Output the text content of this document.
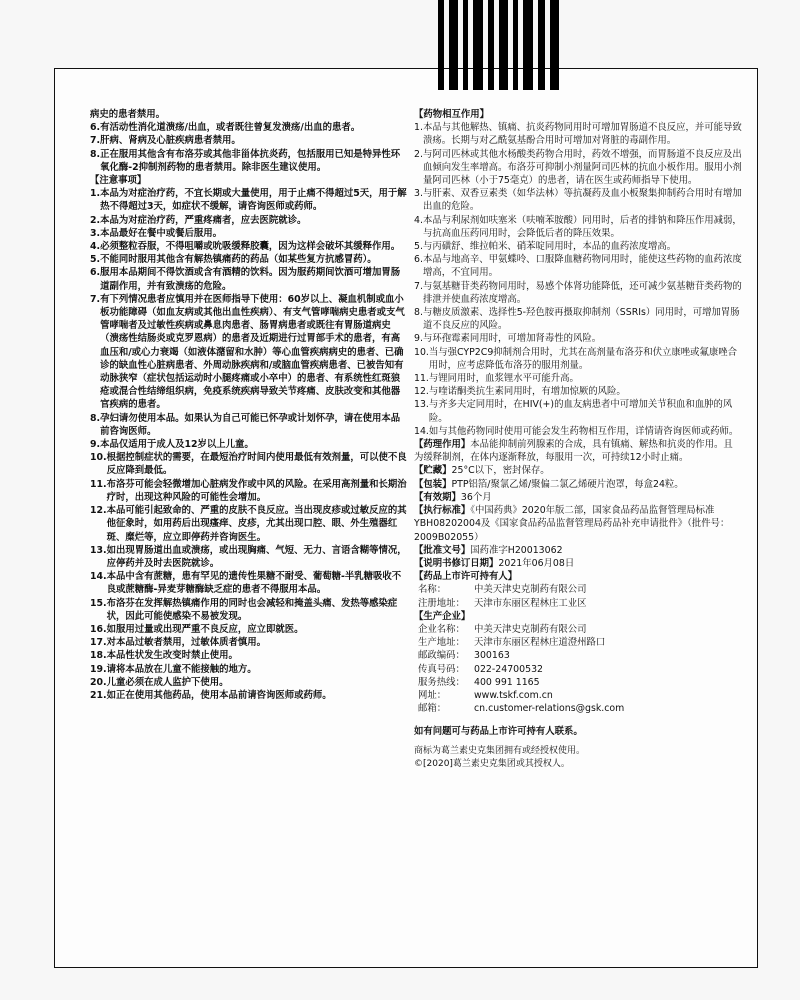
病史的患者禁用。

6. 有活动性消化道溃疡/出血，或者既往曾复发溃疡/出血的患者。
7. 肝病、肾病及心脏疾病患者禁用。
8. 正在服用其他含有布洛芬或其他非甾体抗炎药，包括服用已知是特异性环氧化酶-2抑制剂药物的患者禁用。除非医生建议使用。

【注意事项】

1. 本品为对症治疗药，不宜长期或大量使用，用于止痛不得超过5天，用于解热不得超过3天，如症状不缓解，请咨询医师或药师。
2. 本品为对症治疗药，严重疼痛者，应去医院就诊。
3. 本品最好在餐中或餐后服用。
4. 必须整粒吞服，不得咀嚼或吮吸缓释胶囊，因为这样会破坏其缓释作用。
5. 不能同时服用其他含有解热镇痛药的药品（如某些复方抗感冒药）。
6. 服用本品期间不得饮酒或含有酒精的饮料。因为服药期间饮酒可增加胃肠道副作用，并有致溃疡的危险。
7. 有下列情况患者应慎用并在医师指导下使用：60岁以上、凝血机制或血小板功能障碍（如血友病或其他出血性疾病）、有支气管哮喘病史患者或支气管哮喘者及过敏性疾病或鼻息肉患者、肠胃病患者或既往有胃肠道病史（溃疡性结肠炎或克罗恩病）的患者及近期进行过胃部手术的患者，有高血压和/或心力衰竭（如液体潴留和水肿）等心血管疾病病史的患者、已确诊的缺血性心脏病患者、外周动脉疾病和/或脑血管疾病患者、已被告知有动脉狭窄（症状包括运动时小腿疼痛或小卒中）的患者、有系统性红斑狼疮或混合性结缔组织病，免疫系统疾病导致关节疼痛、皮肤改变和其他器官疾病的患者。
8. 孕妇请勿使用本品。如果认为自己可能已怀孕或计划怀孕，请在使用本品前咨询医师。
9. 本品仅适用于成人及12岁以上儿童。
10. 根据控制症状的需要，在最短治疗时间内使用最低有效剂量，可以使不良反应降到最低。
11. 布洛芬可能会轻微增加心脏病发作或中风的风险。在采用高剂量和长期治疗时，出现这种风险的可能性会增加。
12. 本品可能引起致命的、严重的皮肤不良反应。当出现皮疹或过敏反应的其他征象时，如用药后出现瘙痒、皮疹，尤其出现口腔、眼、外生殖器红斑、糜烂等，应立即停药并咨询医生。
13. 如出现胃肠道出血或溃疡，或出现胸痛、气短、无力、言语含糊等情况，应停药并及时去医院就诊。
14. 本品中含有蔗糖，患有罕见的遗传性果糖不耐受、葡萄糖-半乳糖吸收不良或蔗糖酶-异麦芽糖酶缺乏症的患者不得服用本品。
15. 布洛芬在发挥解热镇痛作用的同时也会减轻和掩盖头痛、发热等感染症状，因此可能使感染不易被发现。
16. 如服用过量或出现严重不良反应，应立即就医。
17. 对本品过敏者禁用，过敏体质者慎用。
18. 本品性状发生改变时禁止使用。
19. 请将本品放在儿童不能接触的地方。
20. 儿童必须在成人监护下使用。
21. 如正在使用其他药品，使用本品前请咨询医师或药师。

【药物相互作用】

1. 本品与其他解热、镇痛、抗炎药物同用时可增加胃肠道不良反应，并可能导致溃疡。长期与对乙酰氨基酚合用时可增加对肾脏的毒副作用。
2. 与阿司匹林或其他水杨酸类药物合用时，药效不增强，而胃肠道不良反应及出血倾向发生率增高。布洛芬可抑制小剂量阿司匹林的抗血小板作用。服用小剂量阿司匹林（小于75毫克）的患者，请在医生或药师指导下使用。
3. 与肝素、双香豆素类（如华法林）等抗凝药及血小板聚集抑制药合用时有增加出血的危险。
4. 本品与利尿剂如呋塞米（呋喃苯胺酸）同用时，后者的排钠和降压作用减弱，与抗高血压药同用时，会降低后者的降压效果。
5. 与丙磺舒、维拉帕米、硝苯啶同用时，本品的血药浓度增高。
6. 本品与地高辛、甲氨蝶呤、口服降血糖药物同用时，能使这些药物的血药浓度增高，不宜同用。
7. 与氨基糖苷类药物同用时，易感个体肾功能降低，还可减少氨基糖苷类药物的排泄并使血药浓度增高。
8. 与糖皮质激素、选择性5-羟色胺再摄取抑制剂（SSRIs）同用时，可增加胃肠道不良反应的风险。
9. 与环孢霉素同用时，可增加肾毒性的风险。
10. 当与强CYP2C9抑制剂合用时，尤其在高剂量布洛芬和伏立康唑或氟康唑合用时，应考虑降低布洛芬的服用剂量。
11. 与锂同用时，血浆锂水平可能升高。
12. 与喹诺酮类抗生素同用时，有增加惊厥的风险。
13. 与齐多夫定同用时，在HIV(+)的血友病患者中可增加关节积血和血肿的风险。
14. 如与其他药物同时使用可能会发生药物相互作用，详情请咨询医师或药师。

【药理作用】本品能抑制前列腺素的合成，具有镇痛、解热和抗炎的作用。且为缓释制剂，在体内逐渐释放，每服用一次，可持续12小时止痛。

【贮藏】25°C以下，密封保存。

【包装】PTP铝箔/聚氯乙烯/聚偏二氯乙烯硬片泡罩，每盒24粒。

【有效期】36个月

【执行标准】《中国药典》2020年版二部，国家食品药品监督管理局标准YBH08202004及《国家食品药品监督管理局药品补充申请批件》（批件号：2009B02055）

【批准文号】国药准字H20013062

【说明书修订日期】2021年06月08日

【药品上市许可持有人】

名称：	中美天津史克制药有限公司
注册地址： 天津市东丽区程林庄工业区

【生产企业】

企业名称： 中美天津史克制药有限公司
生产地址： 天津市东丽区程林庄道澄州路口
邮政编码： 300163
传真号码： 022-24700532
服务热线： 400 991 1165
网址：	www.tskf.com.cn
邮箱：	cn.customer-relations@gsk.com

如有问题可与药品上市许可持有人联系。

商标为葛兰素史克集团拥有或经授权使用。

©[2020]葛兰素史克集团或其授权人。
